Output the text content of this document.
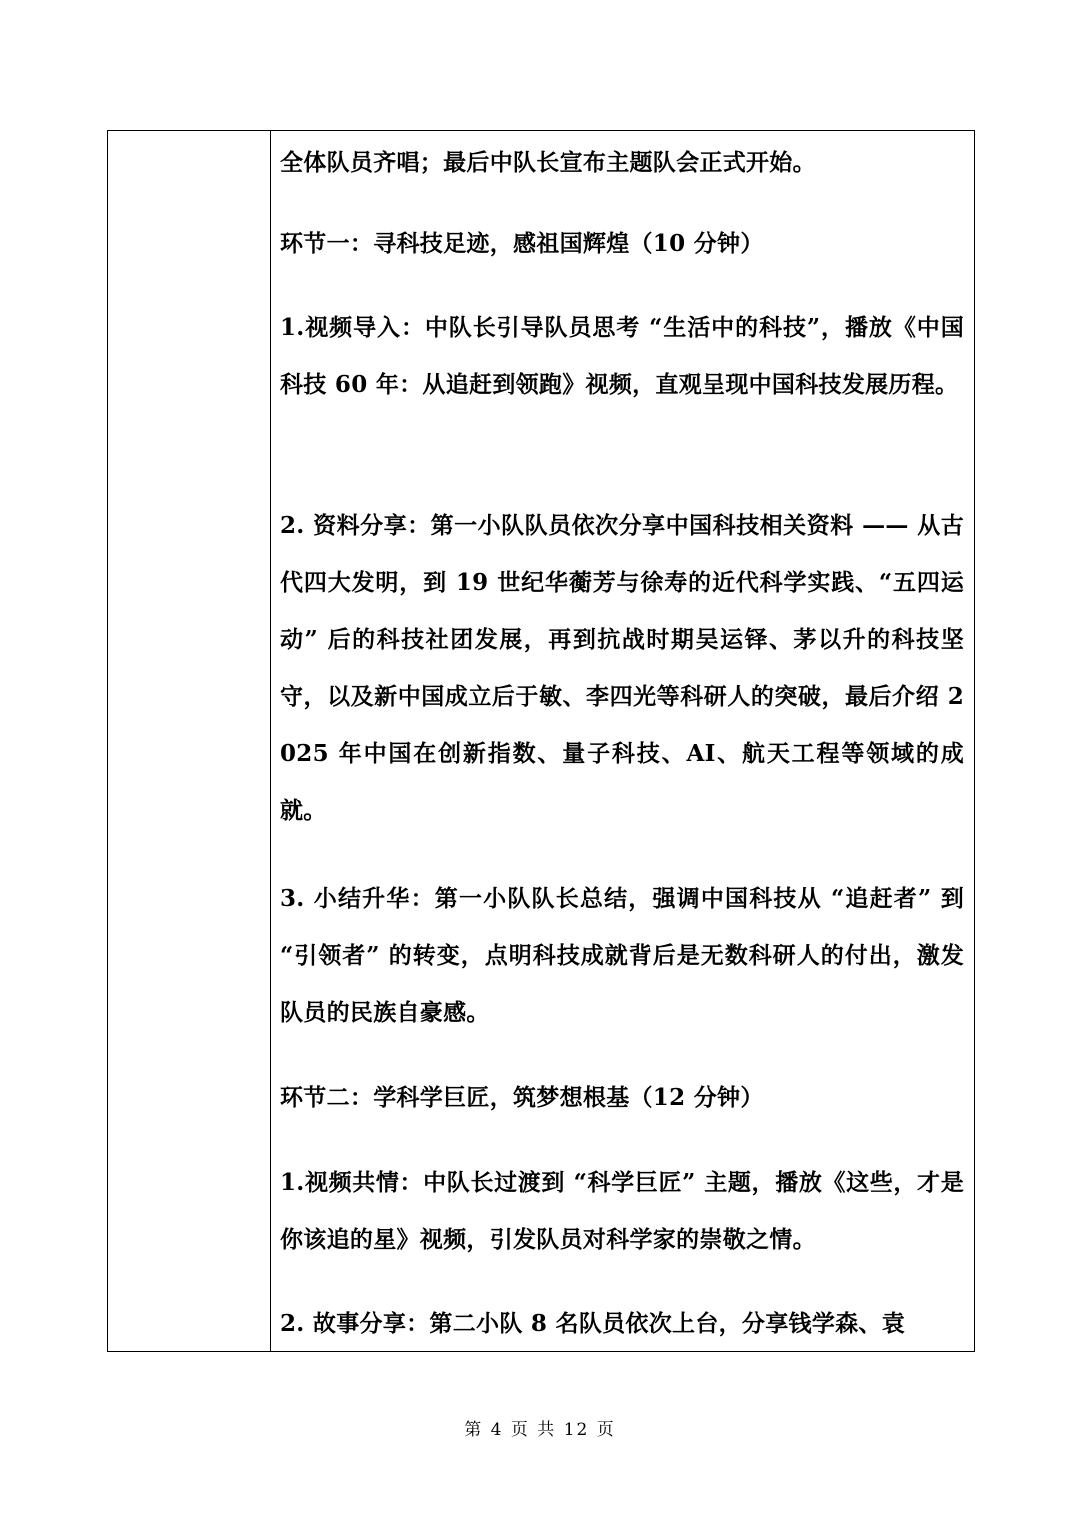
全体队员齐唱；最后中队长宣布主题队会正式开始。

环节一：寻科技足迹，感祖国辉煌（10 分钟）

1.视频导入：中队长引导队员思考 “生活中的科技”，播放《中国科技 60 年：从追赶到领跑》视频，直观呈现中国科技发展历程。

2. 资料分享：第一小队队员依次分享中国科技相关资料 —— 从古代四大发明，到 19 世纪华蘅芳与徐寿的近代科学实践、“五四运动” 后的科技社团发展，再到抗战时期吴运铎、茅以升的科技坚守，以及新中国成立后于敏、李四光等科研人的突破，最后介绍 2025 年中国在创新指数、量子科技、AI、航天工程等领域的成就。

3. 小结升华：第一小队队长总结，强调中国科技从 “追赶者” 到 “引领者” 的转变，点明科技成就背后是无数科研人的付出，激发队员的民族自豪感。

环节二：学科学巨匠，筑梦想根基（12 分钟）

1.视频共情：中队长过渡到 “科学巨匠” 主题，播放《这些，才是你该追的星》视频，引发队员对科学家的崇敬之情。

2. 故事分享：第二小队 8 名队员依次上台，分享钱学森、袁

第 4 页 共 12 页
